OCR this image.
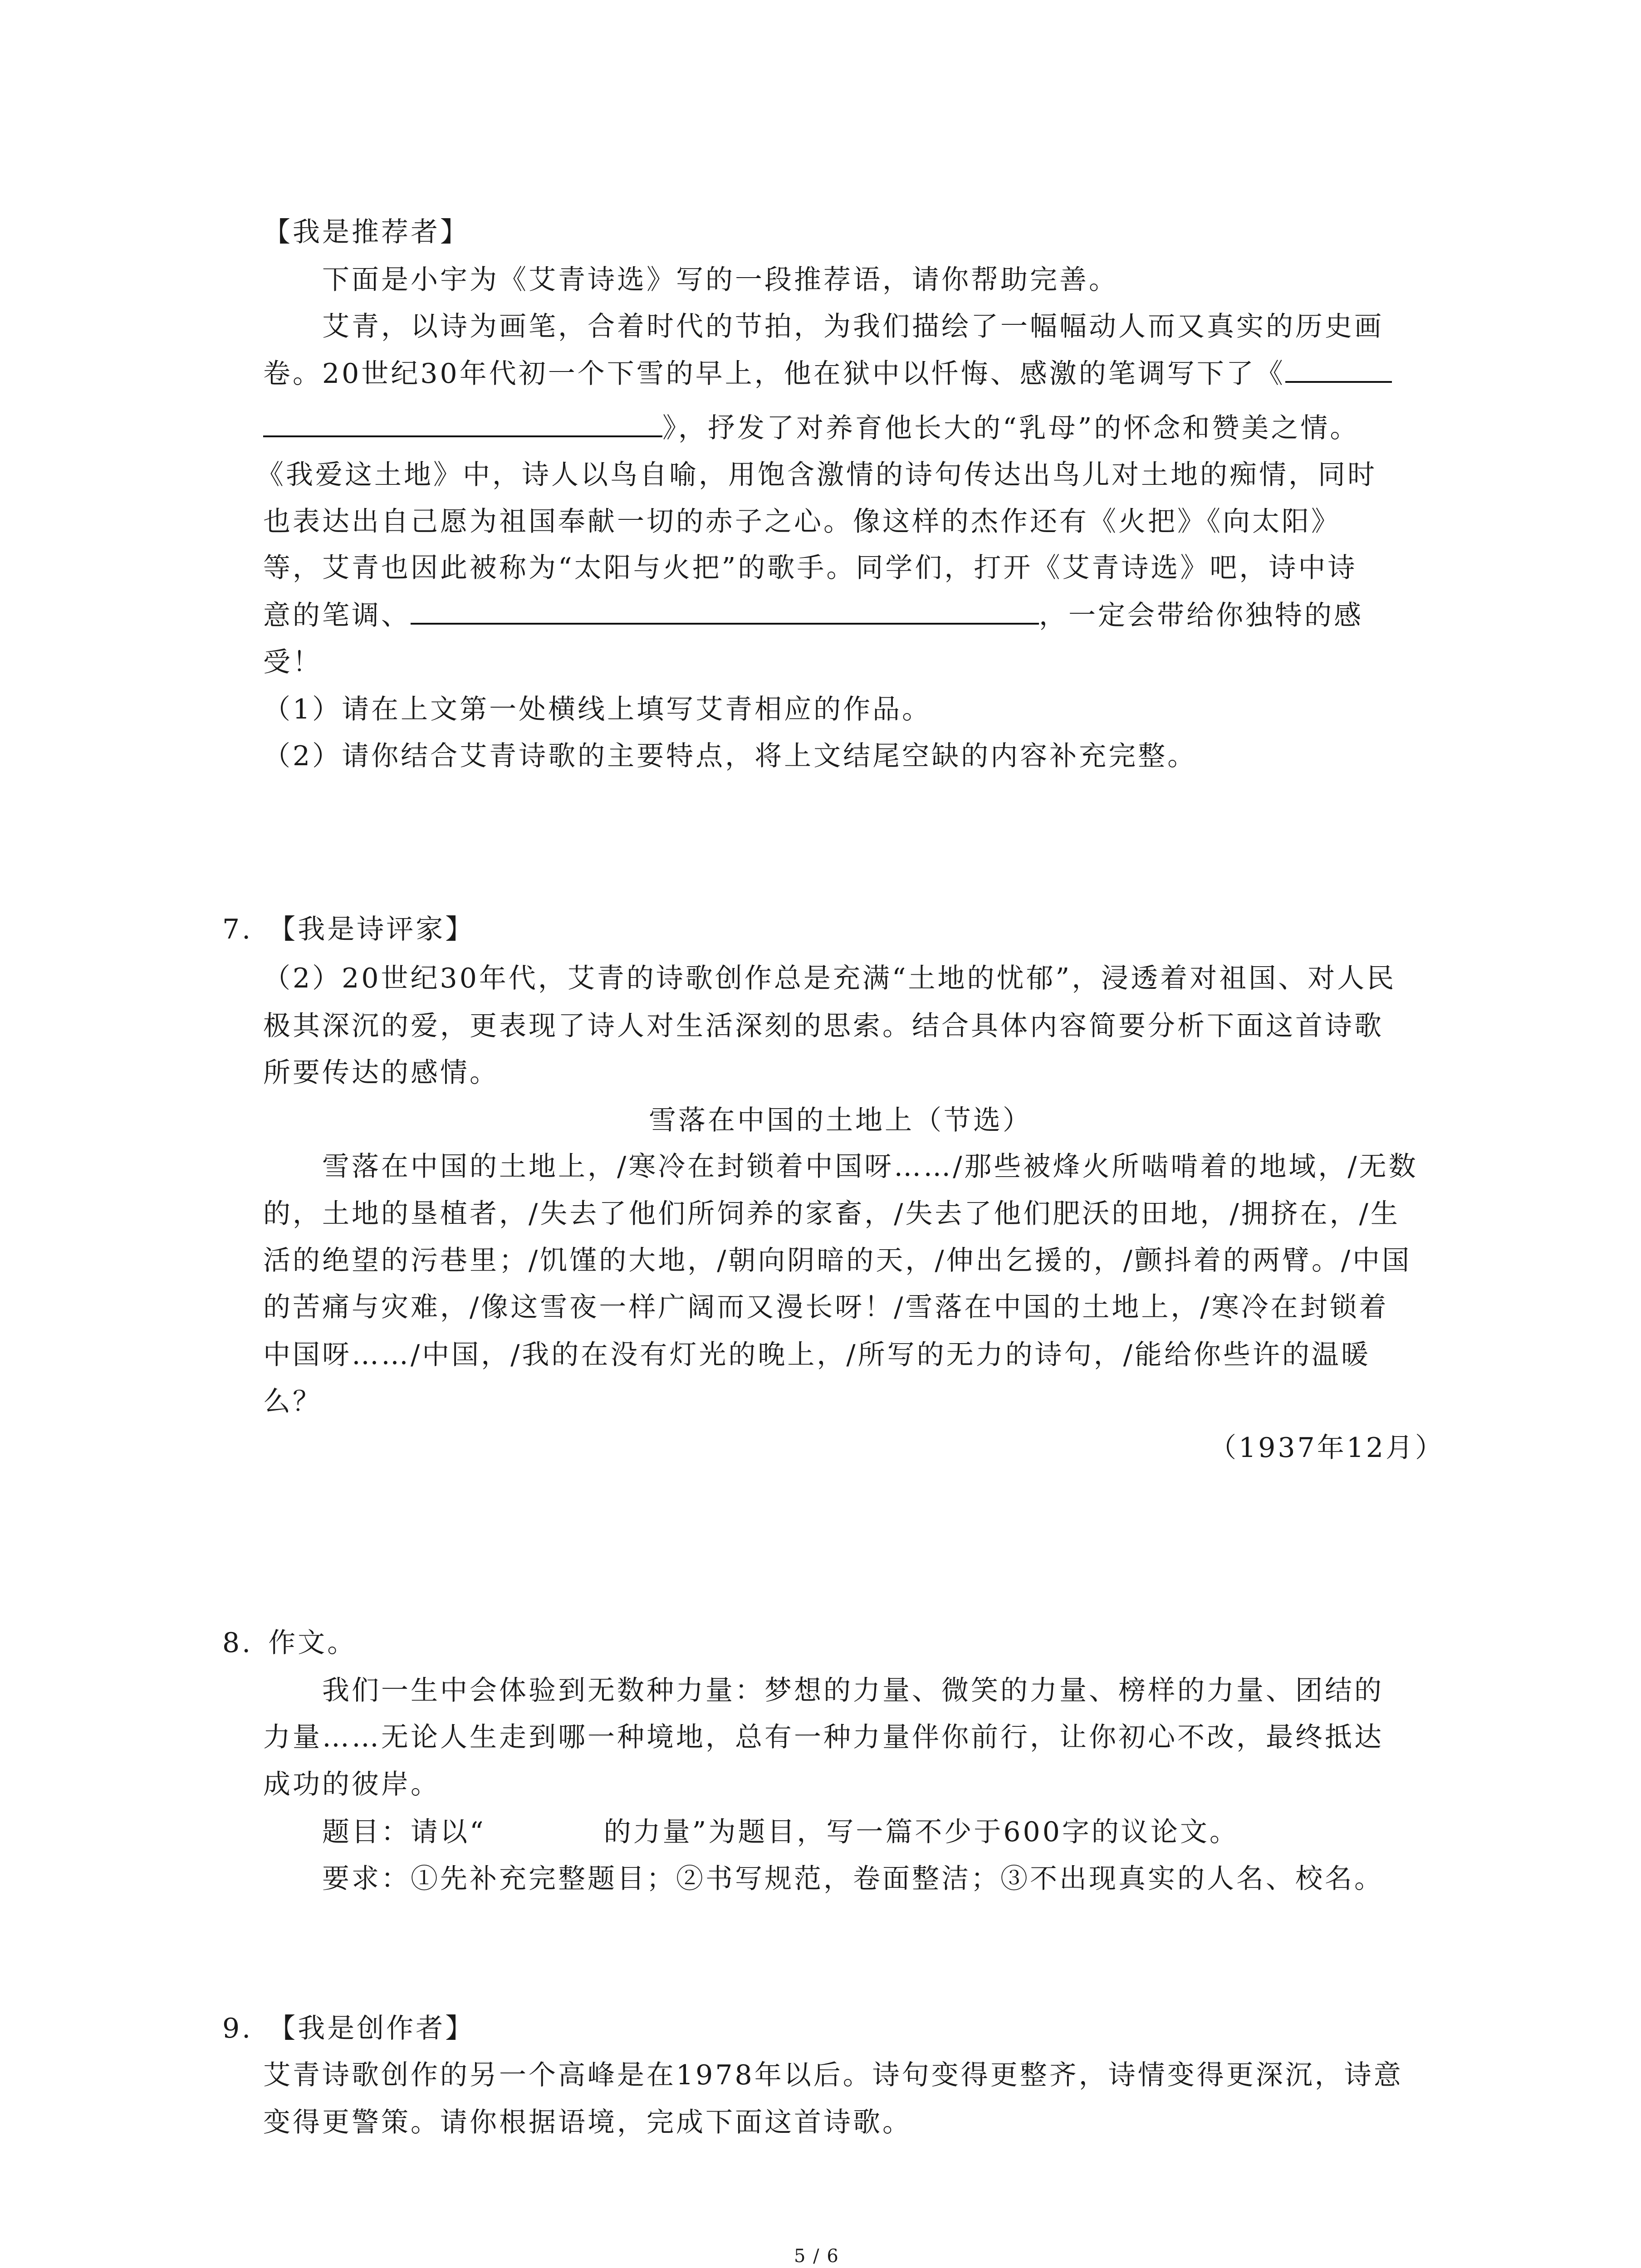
【我是推荐者】
下面是小宇为《艾青诗选》写的一段推荐语，请你帮助完善。
艾青，以诗为画笔，合着时代的节拍，为我们描绘了一幅幅动人而又真实的历史画
卷。20世纪30年代初一个下雪的早上，他在狱中以忏悔、感激的笔调写下了《
》，抒发了对养育他长大的“乳母”的怀念和赞美之情。
《我爱这土地》中，诗人以鸟自喻，用饱含激情的诗句传达出鸟儿对土地的痴情，同时
也表达出自己愿为祖国奉献一切的赤子之心。像这样的杰作还有《火把》《向太阳》
等，艾青也因此被称为“太阳与火把”的歌手。同学们，打开《艾青诗选》吧，诗中诗
意的笔调、	，一定会带给你独特的感
受！
（1）请在上文第一处横线上填写艾青相应的作品。
（2）请你结合艾青诗歌的主要特点，将上文结尾空缺的内容补充完整。
7. 【我是诗评家】
（2）20世纪30年代，艾青的诗歌创作总是充满“土地的忧郁”，浸透着对祖国、对人民
极其深沉的爱，更表现了诗人对生活深刻的思索。结合具体内容简要分析下面这首诗歌
所要传达的感情。
雪落在中国的土地上（节选）
雪落在中国的土地上，/寒冷在封锁着中国呀……/那些被烽火所啮啃着的地域，/无数
的，土地的垦植者，/失去了他们所饲养的家畜，/失去了他们肥沃的田地，/拥挤在，/生
活的绝望的污巷里；/饥馑的大地，/朝向阴暗的天，/伸出乞援的，/颤抖着的两臂。/中国
的苦痛与灾难，/像这雪夜一样广阔而又漫长呀！/雪落在中国的土地上，/寒冷在封锁着
中国呀……/中国，/我的在没有灯光的晚上，/所写的无力的诗句，/能给你些许的温暖
么？
（1937年12月）
8. 作文。
我们一生中会体验到无数种力量：梦想的力量、微笑的力量、榜样的力量、团结的
力量……无论人生走到哪一种境地，总有一种力量伴你前行，让你初心不改，最终抵达
成功的彼岸。
题目：请以“	的力量”为题目，写一篇不少于600字的议论文。
要求：①先补充完整题目；②书写规范，卷面整洁；③不出现真实的人名、校名。
9. 【我是创作者】
艾青诗歌创作的另一个高峰是在1978年以后。诗句变得更整齐，诗情变得更深沉，诗意
变得更警策。请你根据语境，完成下面这首诗歌。
5 / 6
